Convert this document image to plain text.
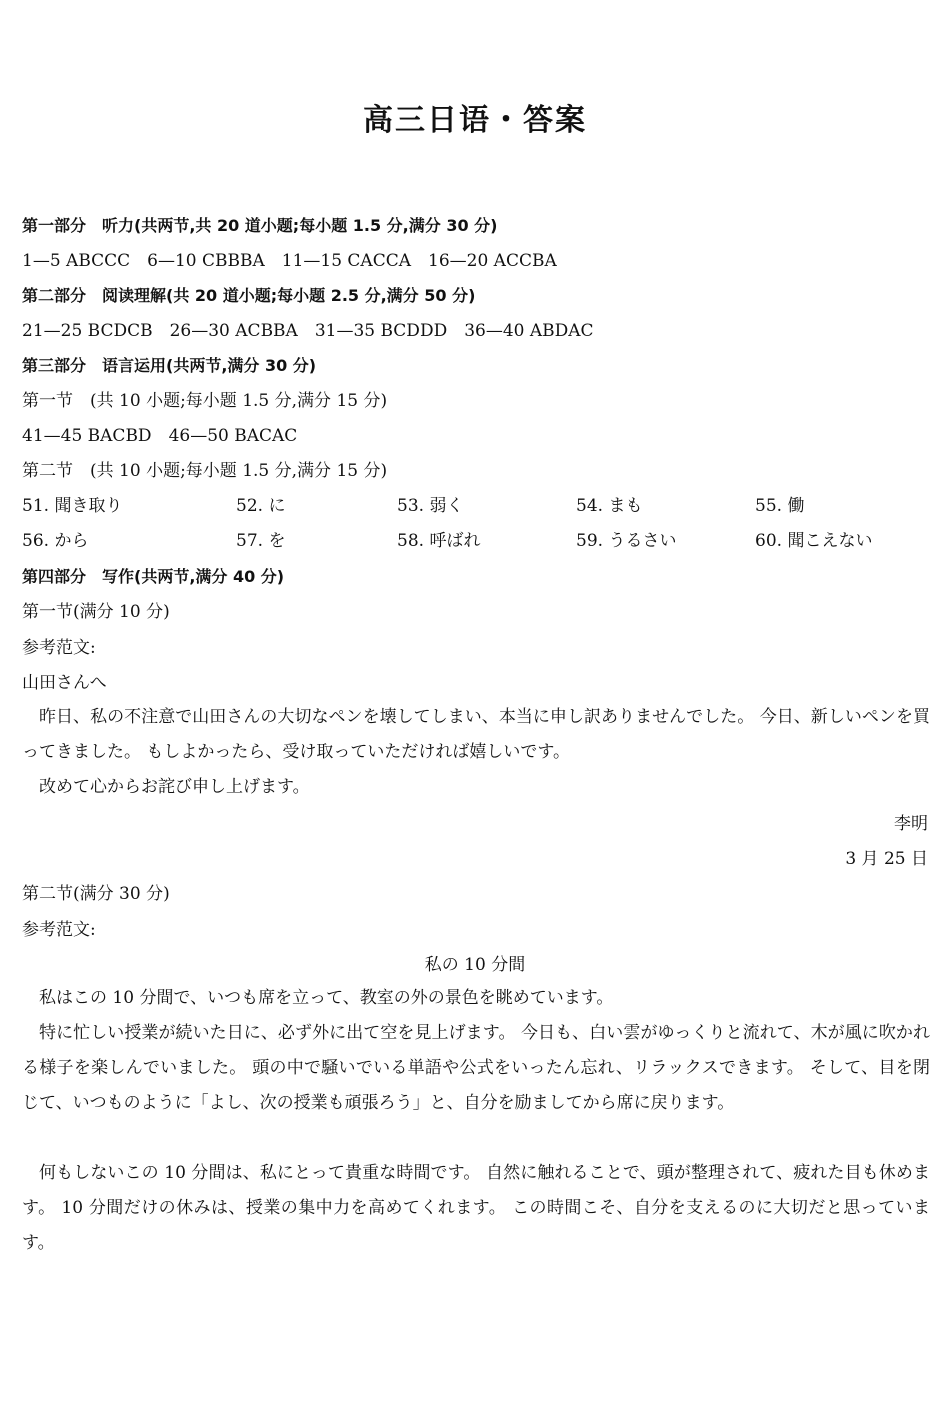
高三日语・答案
第一部分　听力(共两节,共 20 道小题;每小题 1.5 分,满分 30 分)
1—5 ABCCC　6—10 CBBBA　11—15 CACCA　16—20 ACCBA
第二部分　阅读理解(共 20 道小题;每小题 2.5 分,满分 50 分)
21—25 BCDCB　26—30 ACBBA　31—35 BCDDD　36—40 ABDAC
第三部分　语言运用(共两节,满分 30 分)
第一节　(共 10 小题;每小题 1.5 分,满分 15 分)
41—45 BACBD　46—50 BACAC
第二节　(共 10 小题;每小题 1.5 分,满分 15 分)
51. 聞き取り	52. に	53. 弱く	54. まも	55. 働
56. から	57. を	58. 呼ばれ	59. うるさい	60. 聞こえない
第四部分　写作(共两节,满分 40 分)
第一节(满分 10 分)
参考范文:
山田さんへ
昨日、私の不注意で山田さんの大切なペンを壊してしまい、本当に申し訳ありませんでした。 今日、新しいペンを買ってきました。 もしよかったら、受け取っていただければ嬉しいです。
改めて心からお詫び申し上げます。
李明
3 月 25 日
第二节(满分 30 分)
参考范文:
私の 10 分間
私はこの 10 分間で、いつも席を立って、教室の外の景色を眺めています。
特に忙しい授業が続いた日に、必ず外に出て空を見上げます。 今日も、白い雲がゆっくりと流れて、木が風に吹かれる様子を楽しんでいました。 頭の中で騒いでいる単語や公式をいったん忘れ、リラックスできます。 そして、目を閉じて、いつものように「よし、次の授業も頑張ろう」と、自分を励ましてから席に戻ります。
何もしないこの 10 分間は、私にとって貴重な時間です。 自然に触れることで、頭が整理されて、疲れた目も休めます。 10 分間だけの休みは、授業の集中力を高めてくれます。 この時間こそ、自分を支えるのに大切だと思っています。
